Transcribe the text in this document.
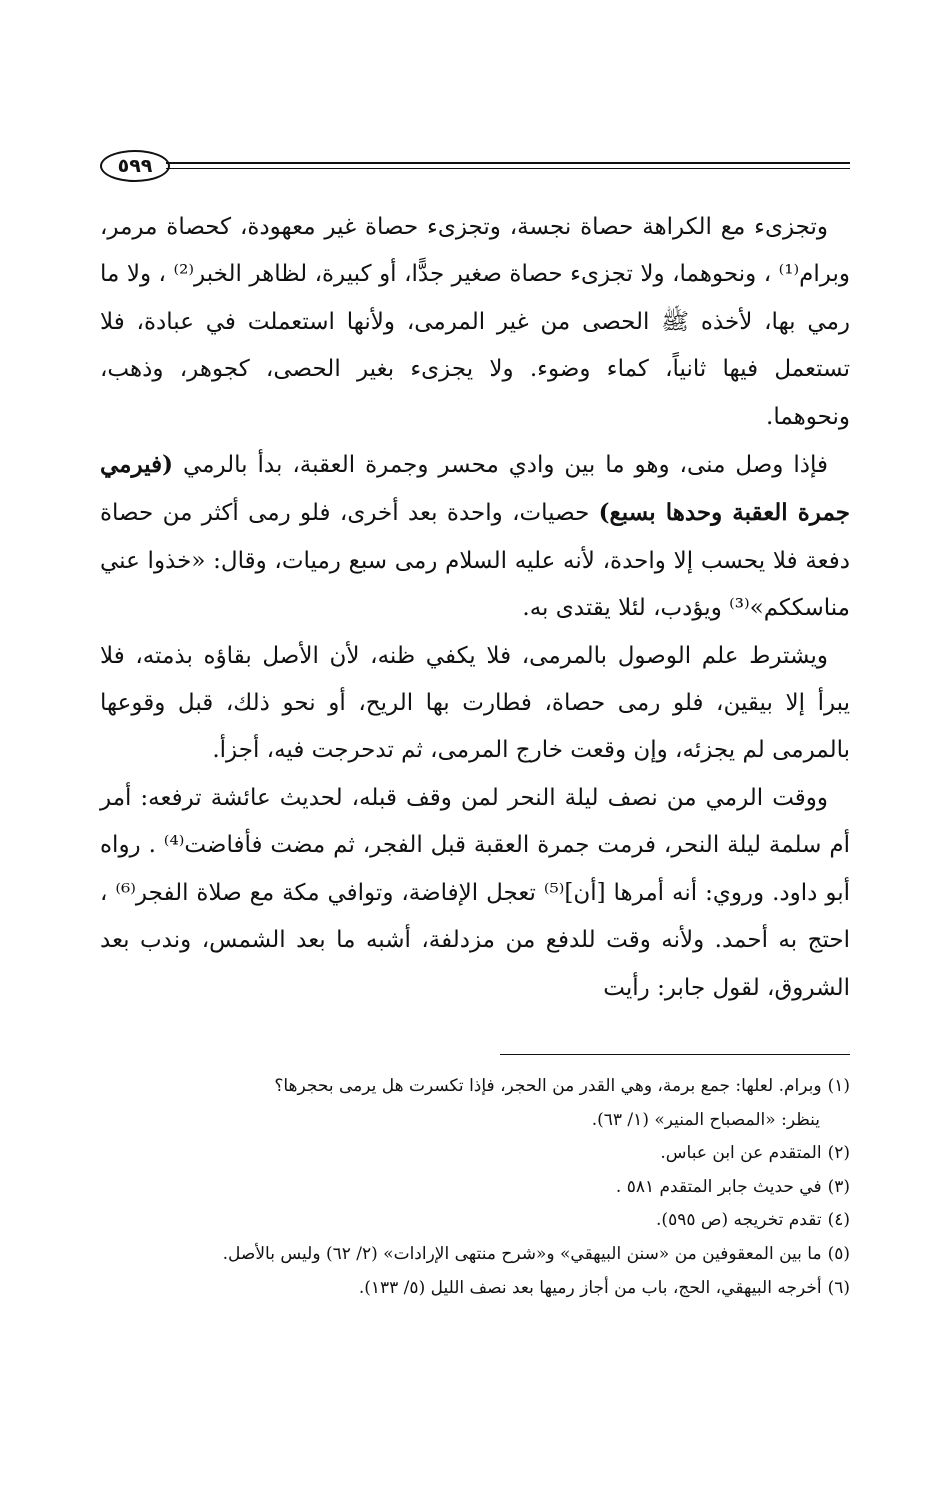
٥٩٩

وتجزىء مع الكراهة حصاة نجسة، وتجزىء حصاة غير معهودة، كحصاة مرمر، وبرام⁽¹⁾ ، ونحوهما، ولا تجزىء حصاة صغير جدًّا، أو كبيرة، لظاهر الخبر⁽²⁾ ، ولا ما رمي بها، لأخذه ﷺ الحصى من غير المرمى، ولأنها استعملت في عبادة، فلا تستعمل فيها ثانياً، كماء وضوء. ولا يجزىء بغير الحصى، كجوهر، وذهب، ونحوهما.

فإذا وصل منى، وهو ما بين وادي محسر وجمرة العقبة، بدأ بالرمي (فيرمي جمرة العقبة وحدها بسبع) حصيات، واحدة بعد أخرى، فلو رمى أكثر من حصاة دفعة فلا يحسب إلا واحدة، لأنه عليه السلام رمى سبع رميات، وقال: «خذوا عني مناسككم»⁽³⁾ ويؤدب، لئلا يقتدى به.

ويشترط علم الوصول بالمرمى، فلا يكفي ظنه، لأن الأصل بقاؤه بذمته، فلا يبرأ إلا بيقين، فلو رمى حصاة، فطارت بها الريح، أو نحو ذلك، قبل وقوعها بالمرمى لم يجزئه، وإن وقعت خارج المرمى، ثم تدحرجت فيه، أجزأ.

ووقت الرمي من نصف ليلة النحر لمن وقف قبله، لحديث عائشة ترفعه: أمر أم سلمة ليلة النحر، فرمت جمرة العقبة قبل الفجر، ثم مضت فأفاضت⁽⁴⁾ . رواه أبو داود. وروي: أنه أمرها [أن]⁽⁵⁾ تعجل الإفاضة، وتوافي مكة مع صلاة الفجر⁽⁶⁾ ، احتج به أحمد. ولأنه وقت للدفع من مزدلفة، أشبه ما بعد الشمس، وندب بعد الشروق، لقول جابر: رأيت

(١)وبرام. لعلها: جمع برمة، وهي القدر من الحجر، فإذا تكسرت هل يرمى بحجرها؟

ينظر: «المصباح المنير» (١/ ٦٣).

(٢)المتقدم عن ابن عباس.

(٣)في حديث جابر المتقدم ٥٨١ .

(٤)تقدم تخريجه (ص ٥٩٥).

(٥)ما بين المعقوفين من «سنن البيهقي» و«شرح منتهى الإرادات» (٢/ ٦٢) وليس بالأصل.

(٦)أخرجه البيهقي، الحج، باب من أجاز رميها بعد نصف الليل (٥/ ١٣٣).
